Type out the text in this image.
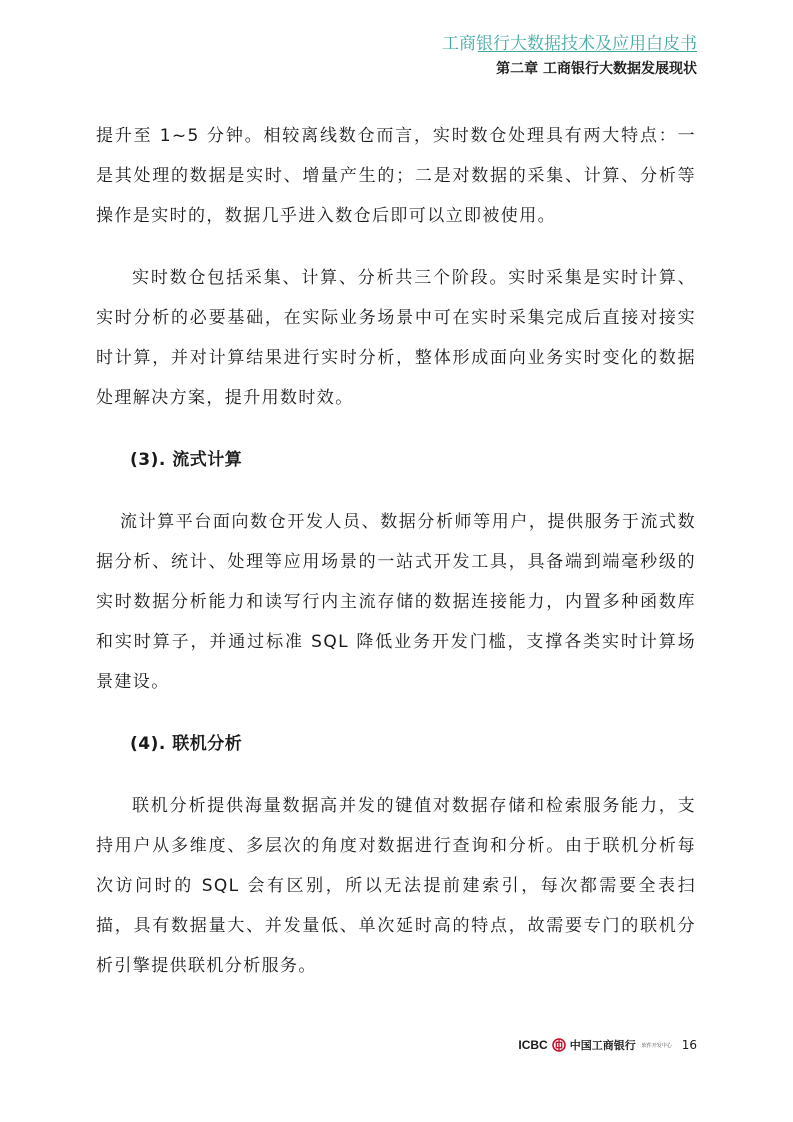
工商银行大数据技术及应用白皮书
第二章 工商银行大数据发展现状

提升至 1~5 分钟。相较离线数仓而言，实时数仓处理具有两大特点：一是其处理的数据是实时、增量产生的；二是对数据的采集、计算、分析等操作是实时的，数据几乎进入数仓后即可以立即被使用。

实时数仓包括采集、计算、分析共三个阶段。实时采集是实时计算、实时分析的必要基础，在实际业务场景中可在实时采集完成后直接对接实时计算，并对计算结果进行实时分析，整体形成面向业务实时变化的数据处理解决方案，提升用数时效。

(3). 流式计算

流计算平台面向数仓开发人员、数据分析师等用户，提供服务于流式数据分析、统计、处理等应用场景的一站式开发工具，具备端到端毫秒级的实时数据分析能力和读写行内主流存储的数据连接能力，内置多种函数库和实时算子，并通过标准 SQL 降低业务开发门槛，支撑各类实时计算场景建设。

(4). 联机分析

联机分析提供海量数据高并发的键值对数据存储和检索服务能力，支持用户从多维度、多层次的角度对数据进行查询和分析。由于联机分析每次访问时的 SQL 会有区别，所以无法提前建索引，每次都需要全表扫描，具有数据量大、并发量低、单次延时高的特点，故需要专门的联机分析引擎提供联机分析服务。

ICBC 中国工商银行 软件开发中心 16
